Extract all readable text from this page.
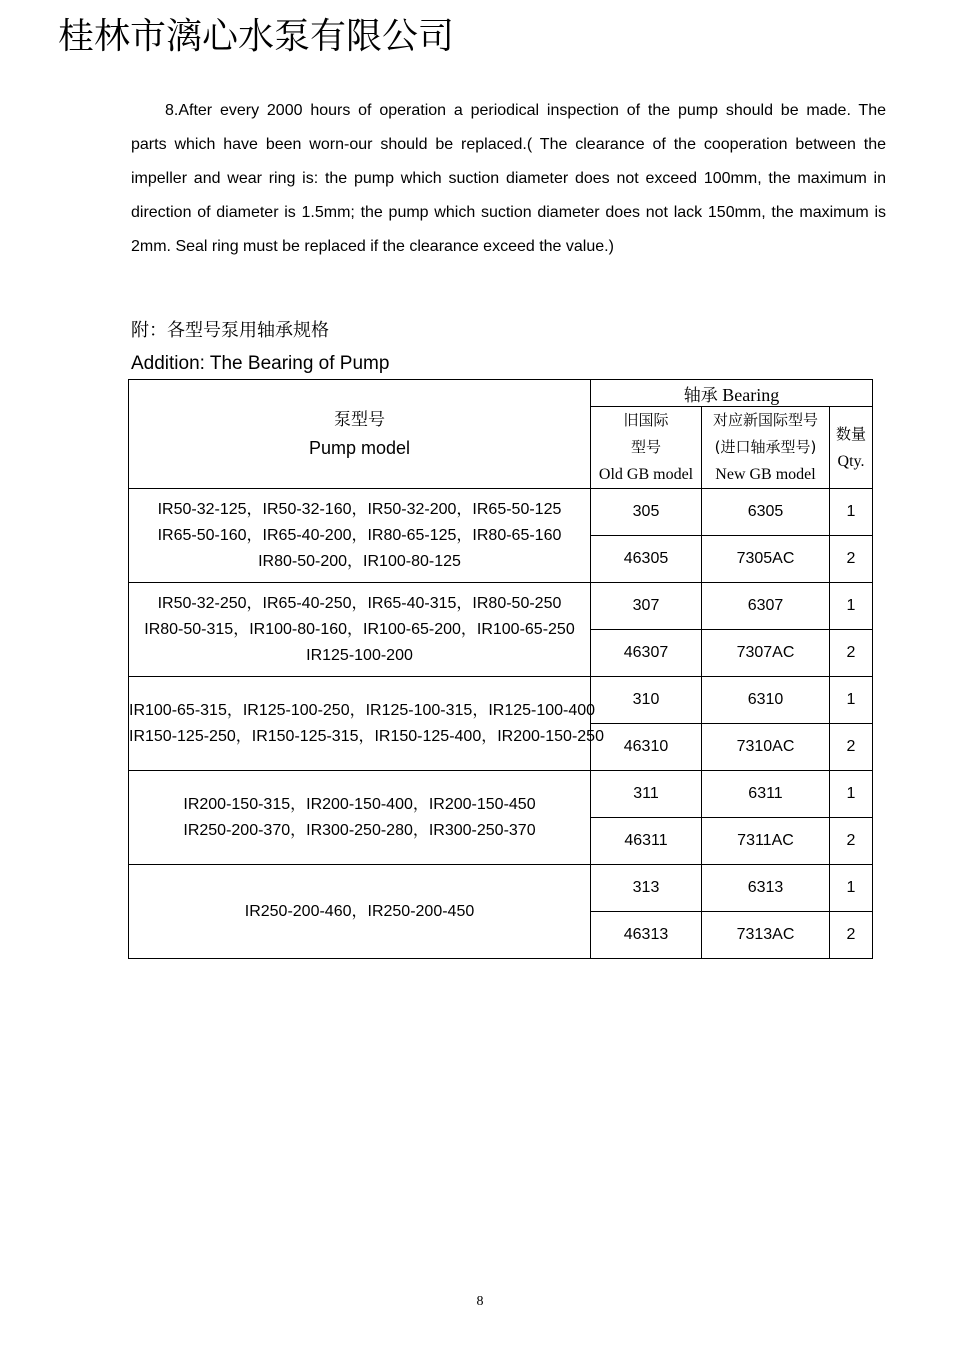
桂林市漓心水泵有限公司
8.After every 2000 hours of operation a periodical inspection of the pump should be made. The
parts which have been worn-our should be replaced.( The clearance of the cooperation between the impeller and wear ring is: the pump which suction diameter does not exceed 100mm, the maximum in direction of diameter is 1.5mm; the pump which suction diameter does not lack 150mm, the maximum is 2mm. Seal ring must be replaced if the clearance exceed the value.)
附：各型号泵用轴承规格
Addition: The Bearing of Pump
泵型号
Pump model	轴承 Bearing		

	旧国际
型号
Old GB model	对应新国际型号
(进口轴承型号)
New GB model	数量
Qty.

IR50-32-125，IR50-32-160，IR50-32-200，IR65-50-125
IR65-50-160，IR65-40-200，IR80-65-125，IR80-65-160
IR80-50-200，IR100-80-125	305	6305	1
	46305	7305AC	2

IR50-32-250，IR65-40-250，IR65-40-315，IR80-50-250
IR80-50-315，IR100-80-160，IR100-65-200，IR100-65-250
IR125-100-200	307	6307	1
	46307	7307AC	2

IR100-65-315，IR125-100-250，IR125-100-315，IR125-100-400
IR150-125-250，IR150-125-315，IR150-125-400，IR200-150-250	310	6310	1
	46310	7310AC	2

IR200-150-315，IR200-150-400，IR200-150-450
IR250-200-370，IR300-250-280，IR300-250-370	311	6311	1
	46311	7311AC	2

IR250-200-460，IR250-200-450	313	6313	1
	46313	7313AC	2
8
